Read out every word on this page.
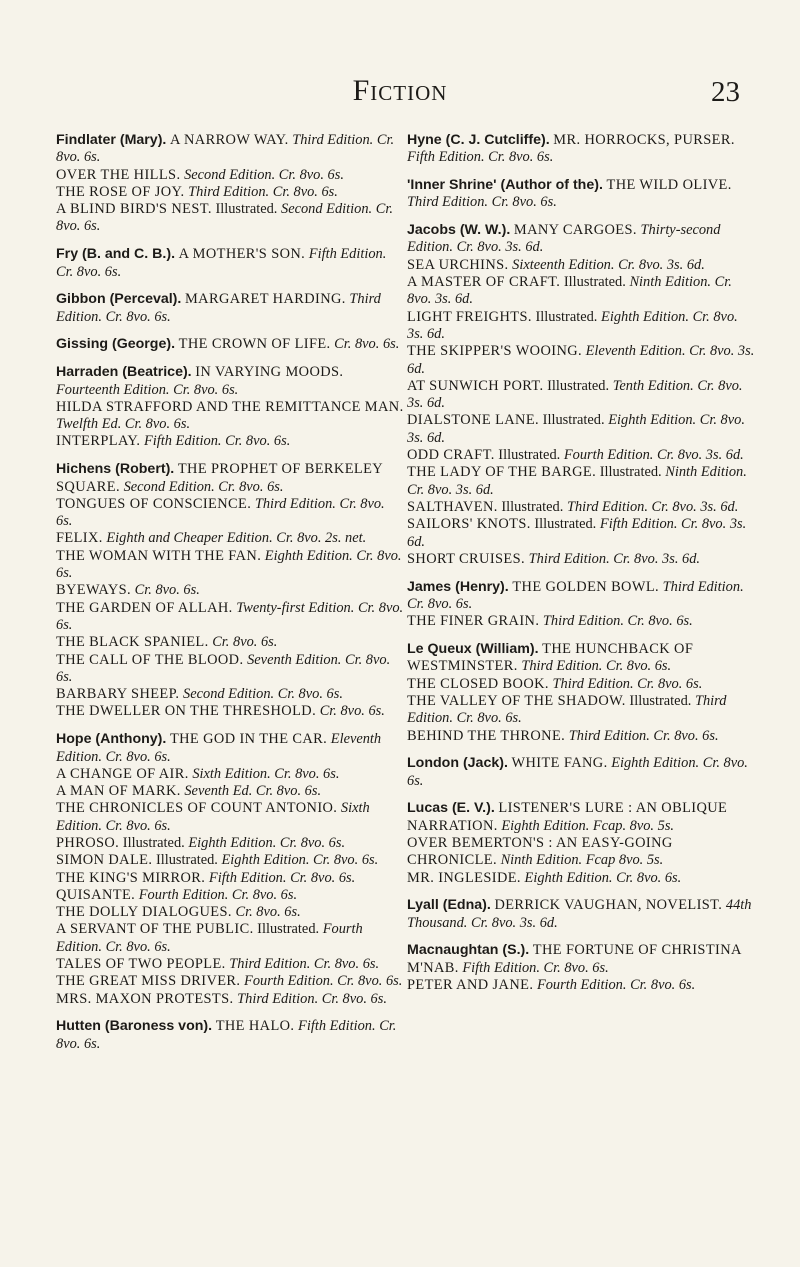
Fiction	23
Findlater (Mary). A NARROW WAY. Third Edition. Cr. 8vo. 6s.
OVER THE HILLS. Second Edition. Cr. 8vo. 6s.
THE ROSE OF JOY. Third Edition. Cr. 8vo. 6s.
A BLIND BIRD'S NEST. Illustrated. Second Edition. Cr. 8vo. 6s.
Fry (B. and C. B.). A MOTHER'S SON. Fifth Edition. Cr. 8vo. 6s.
Gibbon (Perceval). MARGARET HARDING. Third Edition. Cr. 8vo. 6s.
Gissing (George). THE CROWN OF LIFE. Cr. 8vo. 6s.
Harraden (Beatrice). IN VARYING MOODS. Fourteenth Edition. Cr. 8vo. 6s.
HILDA STRAFFORD AND THE REMITTANCE MAN. Twelfth Ed. Cr. 8vo. 6s.
INTERPLAY. Fifth Edition. Cr. 8vo. 6s.
Hichens (Robert). THE PROPHET OF BERKELEY SQUARE. Second Edition. Cr. 8vo. 6s.
TONGUES OF CONSCIENCE. Third Edition. Cr. 8vo. 6s.
FELIX. Eighth and Cheaper Edition. Cr. 8vo. 2s. net.
THE WOMAN WITH THE FAN. Eighth Edition. Cr. 8vo. 6s.
BYEWAYS. Cr. 8vo. 6s.
THE GARDEN OF ALLAH. Twenty-first Edition. Cr. 8vo. 6s.
THE BLACK SPANIEL. Cr. 8vo. 6s.
THE CALL OF THE BLOOD. Seventh Edition. Cr. 8vo. 6s.
BARBARY SHEEP. Second Edition. Cr. 8vo. 6s.
THE DWELLER ON THE THRESHOLD. Cr. 8vo. 6s.
Hope (Anthony). THE GOD IN THE CAR. Eleventh Edition. Cr. 8vo. 6s.
A CHANGE OF AIR. Sixth Edition. Cr. 8vo. 6s.
A MAN OF MARK. Seventh Ed. Cr. 8vo. 6s.
THE CHRONICLES OF COUNT ANTONIO. Sixth Edition. Cr. 8vo. 6s.
PHROSO. Illustrated. Eighth Edition. Cr. 8vo. 6s.
SIMON DALE. Illustrated. Eighth Edition. Cr. 8vo. 6s.
THE KING'S MIRROR. Fifth Edition. Cr. 8vo. 6s.
QUISANTE. Fourth Edition. Cr. 8vo. 6s.
THE DOLLY DIALOGUES. Cr. 8vo. 6s.
A SERVANT OF THE PUBLIC. Illustrated. Fourth Edition. Cr. 8vo. 6s.
TALES OF TWO PEOPLE. Third Edition. Cr. 8vo. 6s.
THE GREAT MISS DRIVER. Fourth Edition. Cr. 8vo. 6s.
MRS. MAXON PROTESTS. Third Edition. Cr. 8vo. 6s.
Hutten (Baroness von). THE HALO. Fifth Edition. Cr. 8vo. 6s.
Hyne (C. J. Cutcliffe). MR. HORROCKS, PURSER. Fifth Edition. Cr. 8vo. 6s.
'Inner Shrine' (Author of the). THE WILD OLIVE. Third Edition. Cr. 8vo. 6s.
Jacobs (W. W.). MANY CARGOES. Thirty-second Edition. Cr. 8vo. 3s. 6d.
SEA URCHINS. Sixteenth Edition. Cr. 8vo. 3s. 6d.
A MASTER OF CRAFT. Illustrated. Ninth Edition. Cr. 8vo. 3s. 6d.
LIGHT FREIGHTS. Illustrated. Eighth Edition. Cr. 8vo. 3s. 6d.
THE SKIPPER'S WOOING. Eleventh Edition. Cr. 8vo. 3s. 6d.
AT SUNWICH PORT. Illustrated. Tenth Edition. Cr. 8vo. 3s. 6d.
DIALSTONE LANE. Illustrated. Eighth Edition. Cr. 8vo. 3s. 6d.
ODD CRAFT. Illustrated. Fourth Edition. Cr. 8vo. 3s. 6d.
THE LADY OF THE BARGE. Illustrated. Ninth Edition. Cr. 8vo. 3s. 6d.
SALTHAVEN. Illustrated. Third Edition. Cr. 8vo. 3s. 6d.
SAILORS' KNOTS. Illustrated. Fifth Edition. Cr. 8vo. 3s. 6d.
SHORT CRUISES. Third Edition. Cr. 8vo. 3s. 6d.
James (Henry). THE GOLDEN BOWL. Third Edition. Cr. 8vo. 6s.
THE FINER GRAIN. Third Edition. Cr. 8vo. 6s.
Le Queux (William). THE HUNCHBACK OF WESTMINSTER. Third Edition. Cr. 8vo. 6s.
THE CLOSED BOOK. Third Edition. Cr. 8vo. 6s.
THE VALLEY OF THE SHADOW. Illustrated. Third Edition. Cr. 8vo. 6s.
BEHIND THE THRONE. Third Edition. Cr. 8vo. 6s.
London (Jack). WHITE FANG. Eighth Edition. Cr. 8vo. 6s.
Lucas (E. V.). LISTENER'S LURE : AN OBLIQUE NARRATION. Eighth Edition. Fcap. 8vo. 5s.
OVER BEMERTON'S : AN EASY-GOING CHRONICLE. Ninth Edition. Fcap 8vo. 5s.
MR. INGLESIDE. Eighth Edition. Cr. 8vo. 6s.
Lyall (Edna). DERRICK VAUGHAN, NOVELIST. 44th Thousand. Cr. 8vo. 3s. 6d.
Macnaughtan (S.). THE FORTUNE OF CHRISTINA M'NAB. Fifth Edition. Cr. 8vo. 6s.
PETER AND JANE. Fourth Edition. Cr. 8vo. 6s.
